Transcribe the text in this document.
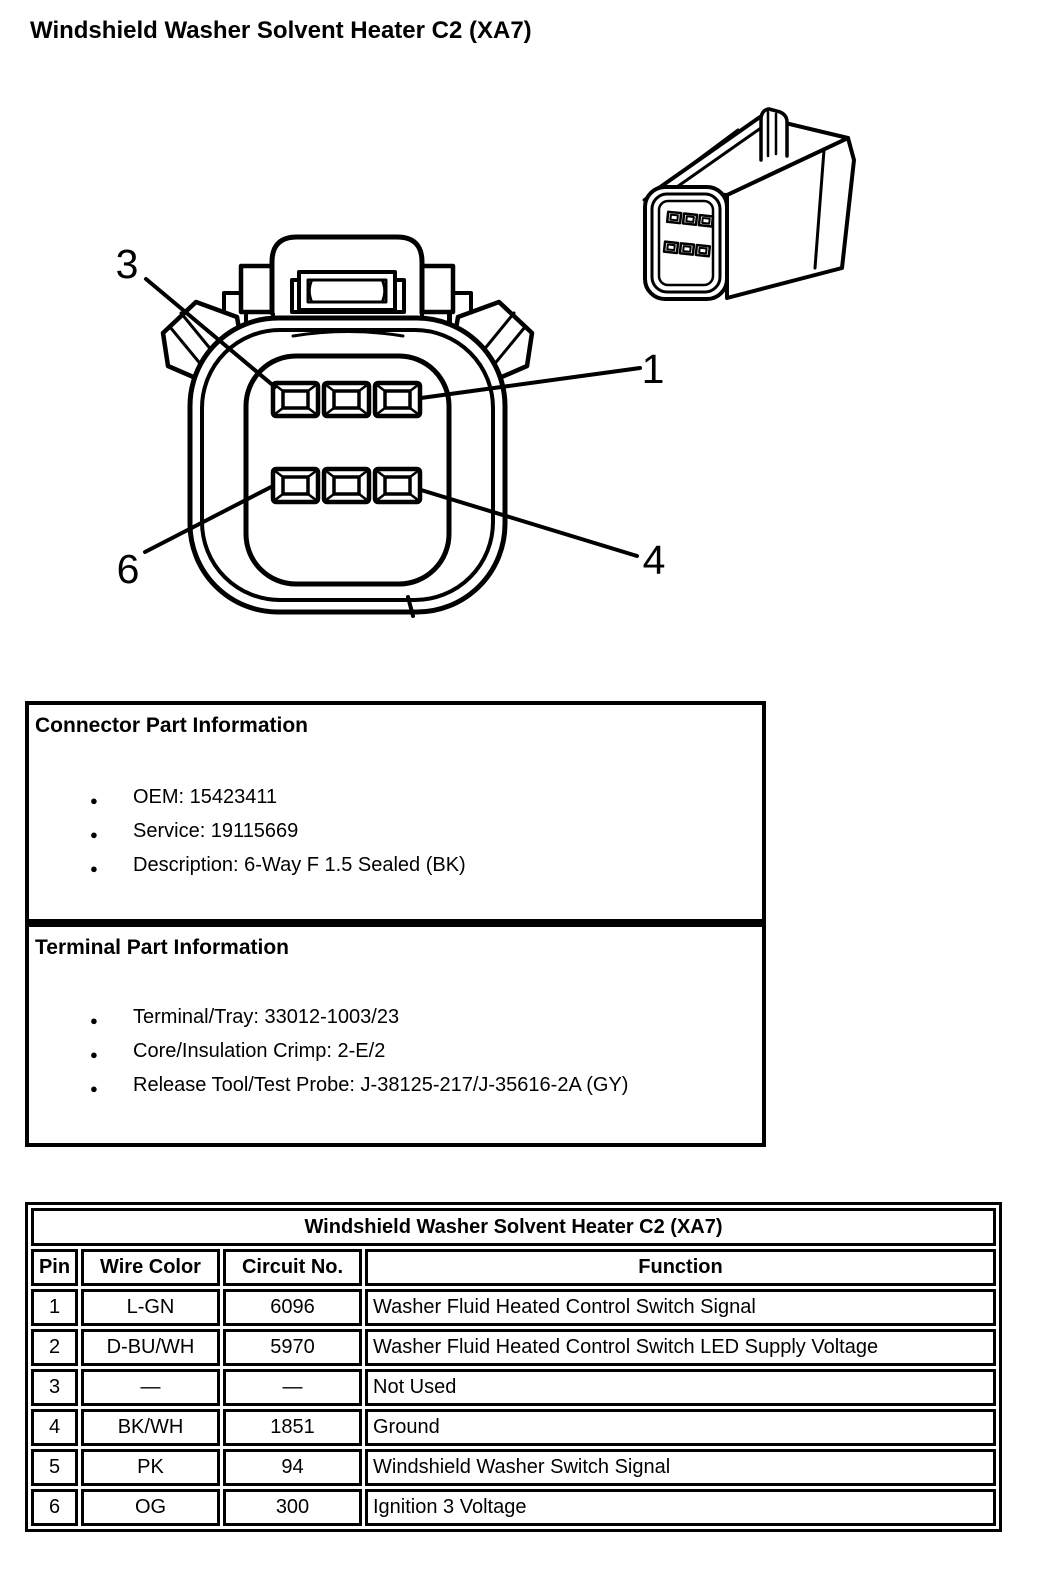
Windshield Washer Solvent Heater C2 (XA7)
3
1
6	4
Connector Part Information
● OEM: 15423411
● Service: 19115669
● Description: 6-Way F 1.5 Sealed (BK)
Terminal Part Information
● Terminal/Tray: 33012-1003/23
● Core/Insulation Crimp: 2-E/2
● Release Tool/Test Probe: J-38125-217/J-35616-2A (GY)
Windshield Washer Solvent Heater C2 (XA7)			
Pin	Wire Color	Circuit No.	Function
1	L-GN	6096	Washer Fluid Heated Control Switch Signal
2	D-BU/WH	5970	Washer Fluid Heated Control Switch LED Supply Voltage
3	—	—	Not Used
4	BK/WH	1851	Ground
5	PK	94	Windshield Washer Switch Signal
6	OG	300	Ignition 3 Voltage
